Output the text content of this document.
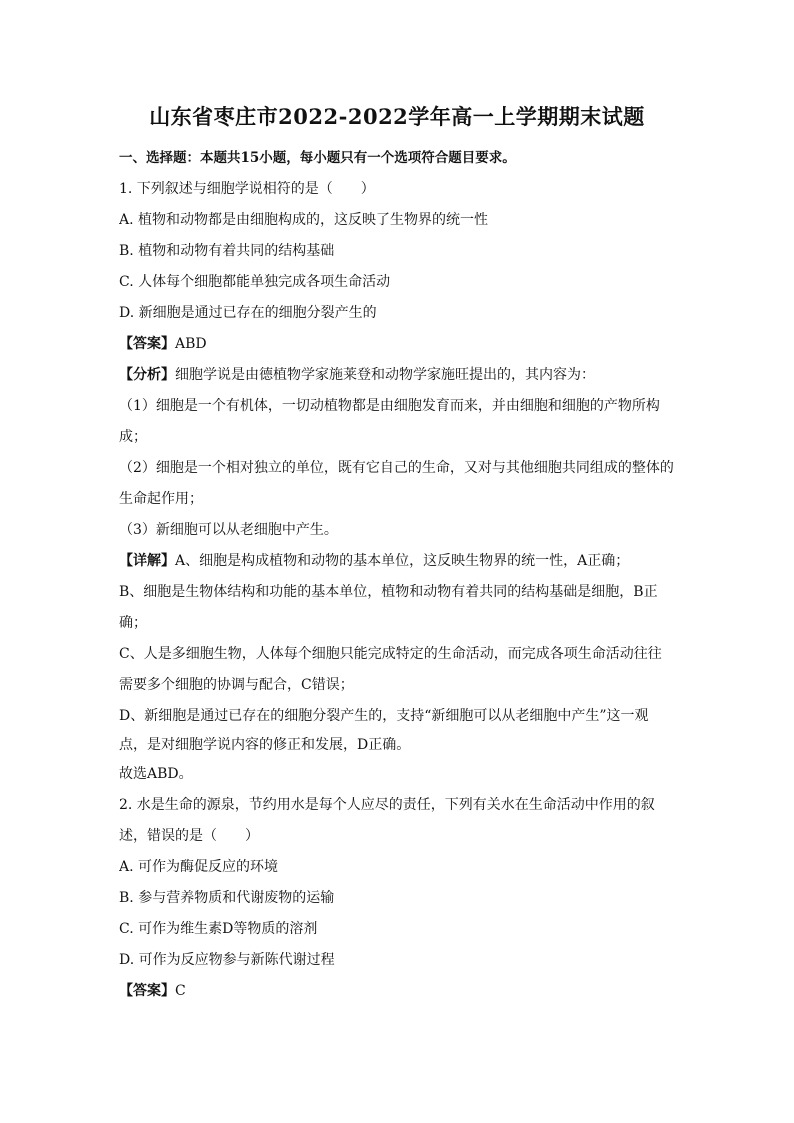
山东省枣庄市2022-2022学年高一上学期期末试题
一、选择题：本题共15小题，每小题只有一个选项符合题目要求。
1. 下列叙述与细胞学说相符的是（　　）
A. 植物和动物都是由细胞构成的，这反映了生物界的统一性
B. 植物和动物有着共同的结构基础
C. 人体每个细胞都能单独完成各项生命活动
D. 新细胞是通过已存在的细胞分裂产生的
【答案】ABD
【分析】细胞学说是由德植物学家施莱登和动物学家施旺提出的，其内容为：
（1）细胞是一个有机体，一切动植物都是由细胞发育而来，并由细胞和细胞的产物所构
成；
（2）细胞是一个相对独立的单位，既有它自己的生命，又对与其他细胞共同组成的整体的
生命起作用；
（3）新细胞可以从老细胞中产生。
【详解】A、细胞是构成植物和动物的基本单位，这反映生物界的统一性，A正确；
B、细胞是生物体结构和功能的基本单位，植物和动物有着共同的结构基础是细胞，B正
确；
C、人是多细胞生物，人体每个细胞只能完成特定的生命活动，而完成各项生命活动往往
需要多个细胞的协调与配合，C错误；
D、新细胞是通过已存在的细胞分裂产生的，支持“新细胞可以从老细胞中产生”这一观
点，是对细胞学说内容的修正和发展，D正确。
故选ABD。
2. 水是生命的源泉，节约用水是每个人应尽的责任，下列有关水在生命活动中作用的叙
述，错误的是（　　）
A. 可作为酶促反应的环境
B. 参与营养物质和代谢废物的运输
C. 可作为维生素D等物质的溶剂
D. 可作为反应物参与新陈代谢过程
【答案】C
